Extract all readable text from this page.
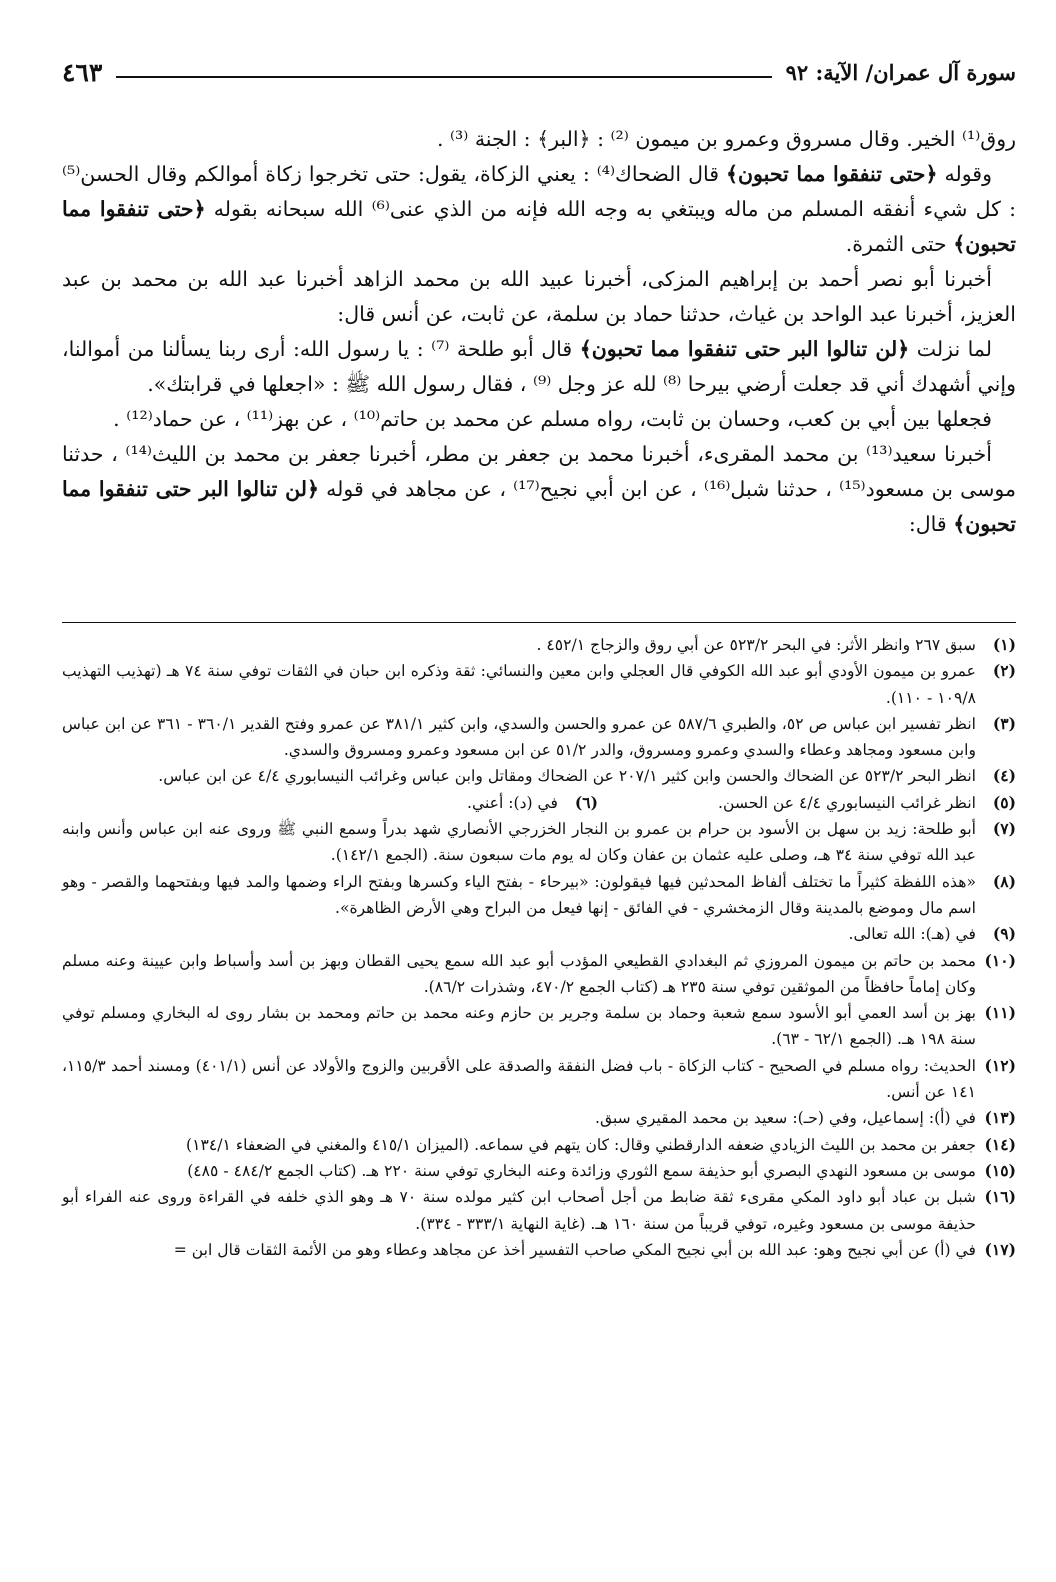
سورة آل عمران/ الآية: ٩٢
٤٦٣

روق⁽¹⁾ الخير. وقال مسروق وعمرو بن ميمون ⁽²⁾ : ﴿البر﴾ : الجنة ⁽³⁾ .

وقوله ﴿حتى تنفقوا مما تحبون﴾ قال الضحاك⁽⁴⁾ : يعني الزكاة، يقول: حتى تخرجوا زكاة أموالكم وقال الحسن⁽⁵⁾ : كل شيء أنفقه المسلم من ماله ويبتغي به وجه الله فإنه من الذي عنى⁽⁶⁾ الله سبحانه بقوله ﴿حتى تنفقوا مما تحبون﴾ حتى الثمرة.

أخبرنا أبو نصر أحمد بن إبراهيم المزكى، أخبرنا عبيد الله بن محمد الزاهد أخبرنا عبد الله بن محمد بن عبد العزيز، أخبرنا عبد الواحد بن غياث، حدثنا حماد بن سلمة، عن ثابت، عن أنس قال:

لما نزلت ﴿لن تنالوا البر حتى تنفقوا مما تحبون﴾ قال أبو طلحة ⁽⁷⁾ : يا رسول الله: أرى ربنا يسألنا من أموالنا، وإني أشهدك أني قد جعلت أرضي بيرحا ⁽⁸⁾ لله عز وجل ⁽⁹⁾ ، فقال رسول الله ﷺ : «اجعلها في قرابتك».

فجعلها بين أبي بن كعب، وحسان بن ثابت، رواه مسلم عن محمد بن حاتم⁽¹⁰⁾ ، عن بهز⁽¹¹⁾ ، عن حماد⁽¹²⁾ .

أخبرنا سعيد⁽¹³⁾ بن محمد المقرىء، أخبرنا محمد بن جعفر بن مطر، أخبرنا جعفر بن محمد بن الليث⁽¹⁴⁾ ، حدثنا موسى بن مسعود⁽¹⁵⁾ ، حدثنا شبل⁽¹⁶⁾ ، عن ابن أبي نجيح⁽¹⁷⁾ ، عن مجاهد في قوله ﴿لن تنالوا البر حتى تنفقوا مما تحبون﴾ قال:

(١)
سبق ٢٦٧ وانظر الأثر: في البحر ٥٢٣/٢ عن أبي روق والزجاج ٤٥٢/١ .
(٢)
عمرو بن ميمون الأودي أبو عبد الله الكوفي قال العجلي وابن معين والنسائي: ثقة وذكره ابن حبان في الثقات توفي سنة ٧٤ هـ (تهذيب التهذيب ١٠٩/٨ - ١١٠).
(٣)
انظر تفسير ابن عباس ص ٥٢، والطبري ٥٨٧/٦ عن عمرو والحسن والسدي، وابن كثير ٣٨١/١ عن عمرو وفتح القدير ٣٦٠/١ - ٣٦١ عن ابن عباس وابن مسعود ومجاهد وعطاء والسدي وعمرو ومسروق، والدر ٥١/٢ عن ابن مسعود وعمرو ومسروق والسدي.
(٤)
انظر البحر ٥٢٣/٢ عن الضحاك والحسن وابن كثير ٢٠٧/١ عن الضحاك ومقاتل وابن عباس وغرائب النيسابوري ٤/٤ عن ابن عباس.
(٥)
انظر غرائب النيسابوري ٤/٤ عن الحسن.
(٦)
في (د): أعني.
(٧)
أبو طلحة: زيد بن سهل بن الأسود بن حرام بن عمرو بن النجار الخزرجي الأنصاري شهد بدراً وسمع النبي ﷺ وروى عنه ابن عباس وأنس وابنه عبد الله توفي سنة ٣٤ هـ، وصلى عليه عثمان بن عفان وكان له يوم مات سبعون سنة. (الجمع ١٤٢/١).
(٨)
«هذه اللفظة كثيراً ما تختلف ألفاظ المحدثين فيها فيقولون: «بيرحاء - بفتح الياء وكسرها وبفتح الراء وضمها والمد فيها وبفتحهما والقصر - وهو اسم مال وموضع بالمدينة وقال الزمخشري - في الفائق - إنها فيعل من البراح وهي الأرض الظاهرة».
(٩)
في (هـ): الله تعالى.
(١٠)
محمد بن حاتم بن ميمون المروزي ثم البغدادي القطيعي المؤدب أبو عبد الله سمع يحيى القطان وبهز بن أسد وأسباط وابن عيينة وعنه مسلم وكان إماماً حافظاً من الموثقين توفي سنة ٢٣٥ هـ (كتاب الجمع ٤٧٠/٢، وشذرات ٨٦/٢).
(١١)
بهز بن أسد العمي أبو الأسود سمع شعبة وحماد بن سلمة وجرير بن حازم وعنه محمد بن حاتم ومحمد بن بشار روى له البخاري ومسلم توفي سنة ١٩٨ هـ. (الجمع ٦٢/١ - ٦٣).
(١٢)
الحديث: رواه مسلم في الصحيح - كتاب الزكاة - باب فضل النفقة والصدقة على الأقربين والزوج والأولاد عن أنس (٤٠١/١) ومسند أحمد ١١٥/٣، ١٤١ عن أنس.
(١٣)
في (أ): إسماعيل، وفي (حـ): سعيد بن محمد المقيري سبق.
(١٤)
جعفر بن محمد بن الليث الزيادي ضعفه الدارقطني وقال: كان يتهم في سماعه. (الميزان ٤١٥/١ والمغني في الضعفاء ١٣٤/١)
(١٥)
موسى بن مسعود النهدي البصري أبو حذيفة سمع الثوري وزائدة وعنه البخاري توفي سنة ٢٢٠ هـ. (كتاب الجمع ٤٨٤/٢ - ٤٨٥)
(١٦)
شبل بن عباد أبو داود المكي مقرىء ثقة ضابط من أجل أصحاب ابن كثير مولده سنة ٧٠ هـ وهو الذي خلفه في القراءة وروى عنه الفراء أبو حذيفة موسى بن مسعود وغيره، توفي قريباً من سنة ١٦٠ هـ. (غاية النهاية ٣٣٣/١ - ٣٣٤).
(١٧)
في (أ) عن أبي نجيح وهو: عبد الله بن أبي نجيح المكي صاحب التفسير أخذ عن مجاهد وعطاء وهو من الأئمة الثقات قال ابن =
